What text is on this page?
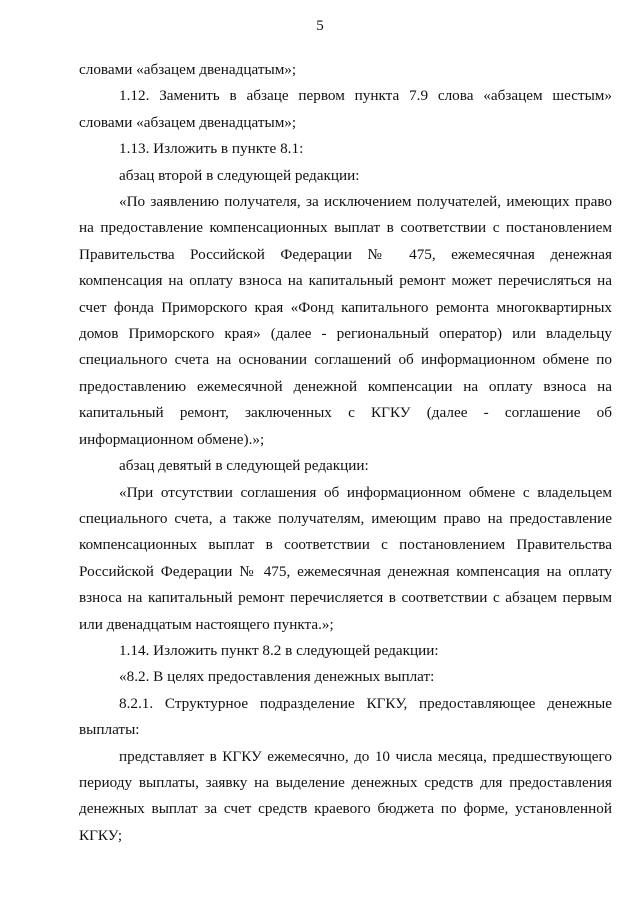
5

словами «абзацем двенадцатым»;

1.12. Заменить в абзаце первом пункта 7.9 слова «абзацем шестым» словами «абзацем двенадцатым»;

1.13. Изложить в пункте 8.1:

абзац второй в следующей редакции:

«По заявлению получателя, за исключением получателей, имеющих право на предоставление компенсационных выплат в соответствии с постановлением Правительства Российской Федерации № 475, ежемесячная денежная компенсация на оплату взноса на капитальный ремонт может перечисляться на счет фонда Приморского края «Фонд капитального ремонта многоквартирных домов Приморского края» (далее - региональный оператор) или владельцу специального счета на основании соглашений об информационном обмене по предоставлению ежемесячной денежной компенсации на оплату взноса на капитальный ремонт, заключенных с КГКУ (далее - соглашение об информационном обмене).»;

абзац девятый в следующей редакции:

«При отсутствии соглашения об информационном обмене с владельцем специального счета, а также получателям, имеющим право на предоставление компенсационных выплат в соответствии с постановлением Правительства Российской Федерации № 475, ежемесячная денежная компенсация на оплату взноса на капитальный ремонт перечисляется в соответствии с абзацем первым или двенадцатым настоящего пункта.»;

1.14. Изложить пункт 8.2 в следующей редакции:

«8.2. В целях предоставления денежных выплат:

8.2.1. Структурное подразделение КГКУ, предоставляющее денежные выплаты:

представляет в КГКУ ежемесячно, до 10 числа месяца, предшествующего периоду выплаты, заявку на выделение денежных средств для предоставления денежных выплат за счет средств краевого бюджета по форме, установленной КГКУ;
